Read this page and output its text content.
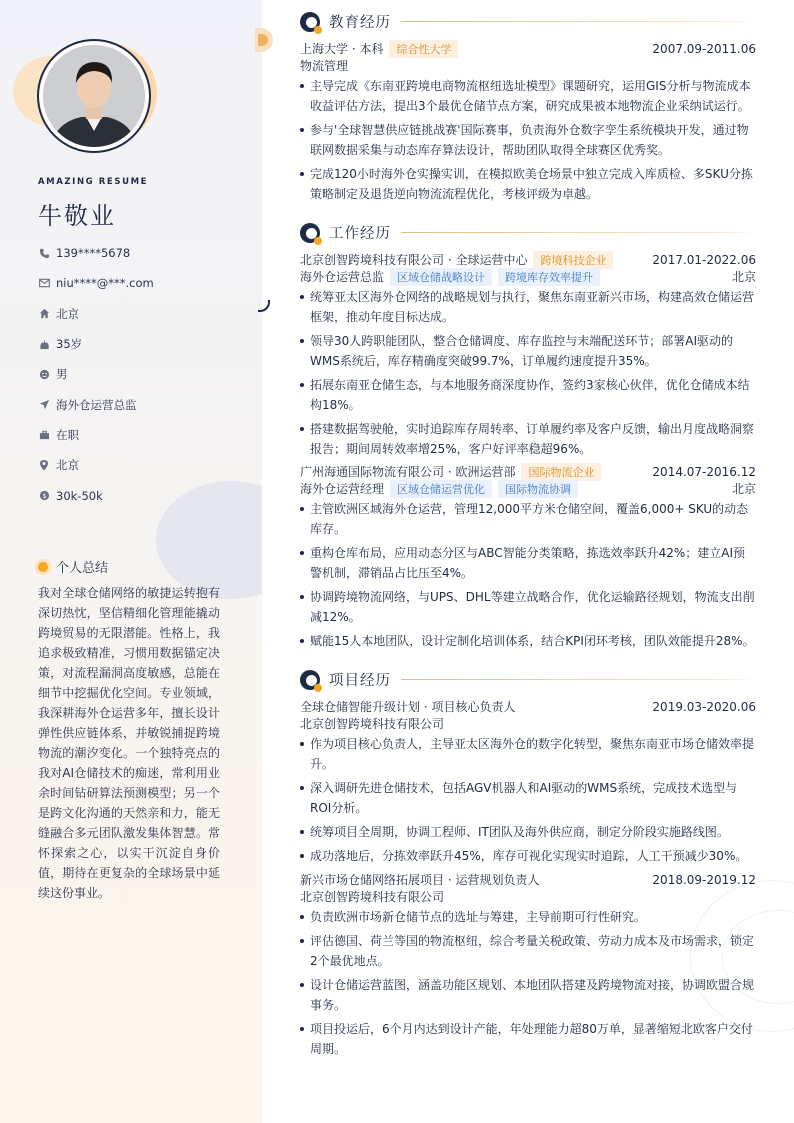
AMAZING RESUME
牛敬业
139****5678
niu****@***.com
北京
35岁
男
海外仓运营总监
在职
北京
$ 30k-50k
个人总结
我对全球仓储网络的敏捷运转抱有深切热忱，坚信精细化管理能撬动跨境贸易的无限潜能。性格上，我追求极致精准，习惯用数据锚定决策，对流程漏洞高度敏感，总能在细节中挖掘优化空间。专业领域，我深耕海外仓运营多年，擅长设计弹性供应链体系，并敏锐捕捉跨境物流的潮汐变化。一个独特亮点的我对AI仓储技术的痴迷，常利用业余时间钻研算法预测模型；另一个是跨文化沟通的天然亲和力，能无缝融合多元团队激发集体智慧。常怀探索之心，以实干沉淀自身价值，期待在更复杂的全球场景中延续这份事业。
教育经历
上海大学 · 本科	综合性大学	2007.09-2011.06
物流管理
主导完成《东南亚跨境电商物流枢纽选址模型》课题研究，运用GIS分析与物流成本收益评估方法，提出3个最优仓储节点方案，研究成果被本地物流企业采纳试运行。
参与'全球智慧供应链挑战赛'国际赛事，负责海外仓数字孪生系统模块开发，通过物联网数据采集与动态库存算法设计，帮助团队取得全球赛区优秀奖。
完成120小时海外仓实操实训，在模拟欧美仓场景中独立完成入库质检、多SKU分拣策略制定及退货逆向物流流程优化，考核评级为卓越。
工作经历
北京创智跨境科技有限公司 · 全球运营中心	跨境科技企业	2017.01-2022.06
海外仓运营总监	区域仓储战略设计	跨境库存效率提升	北京
统筹亚太区海外仓网络的战略规划与执行，聚焦东南亚新兴市场，构建高效仓储运营框架，推动年度目标达成。
领导30人跨职能团队，整合仓储调度、库存监控与末端配送环节；部署AI驱动的WMS系统后，库存精确度突破99.7%，订单履约速度提升35%。
拓展东南亚仓储生态，与本地服务商深度协作，签约3家核心伙伴，优化仓储成本结构18%。
搭建数据驾驶舱，实时追踪库存周转率、订单履约率及客户反馈，输出月度战略洞察报告；期间周转效率增25%，客户好评率稳超96%。
广州海通国际物流有限公司 · 欧洲运营部	国际物流企业	2014.07-2016.12
海外仓运营经理	区域仓储运营优化	国际物流协调	北京
主管欧洲区域海外仓运营，管理12,000平方米仓储空间，覆盖6,000+ SKU的动态库存。
重构仓库布局，应用动态分区与ABC智能分类策略，拣选效率跃升42%；建立AI预警机制，滞销品占比压至4%。
协调跨境物流网络，与UPS、DHL等建立战略合作，优化运输路径规划，物流支出削减12%。
赋能15人本地团队，设计定制化培训体系，结合KPI闭环考核，团队效能提升28%。
项目经历
全球仓储智能升级计划 · 项目核心负责人	2019.03-2020.06
北京创智跨境科技有限公司
作为项目核心负责人，主导亚太区海外仓的数字化转型，聚焦东南亚市场仓储效率提升。
深入调研先进仓储技术，包括AGV机器人和AI驱动的WMS系统，完成技术选型与ROI分析。
统筹项目全周期，协调工程师、IT团队及海外供应商，制定分阶段实施路线图。
成功落地后，分拣效率跃升45%，库存可视化实现实时追踪，人工干预减少30%。
新兴市场仓储网络拓展项目 · 运营规划负责人	2018.09-2019.12
北京创智跨境科技有限公司
负责欧洲市场新仓储节点的选址与筹建，主导前期可行性研究。
评估德国、荷兰等国的物流枢纽，综合考量关税政策、劳动力成本及市场需求，锁定2个最优地点。
设计仓储运营蓝图，涵盖功能区规划、本地团队搭建及跨境物流对接，协调欧盟合规事务。
项目投运后，6个月内达到设计产能，年处理能力超80万单，显著缩短北欧客户交付周期。
